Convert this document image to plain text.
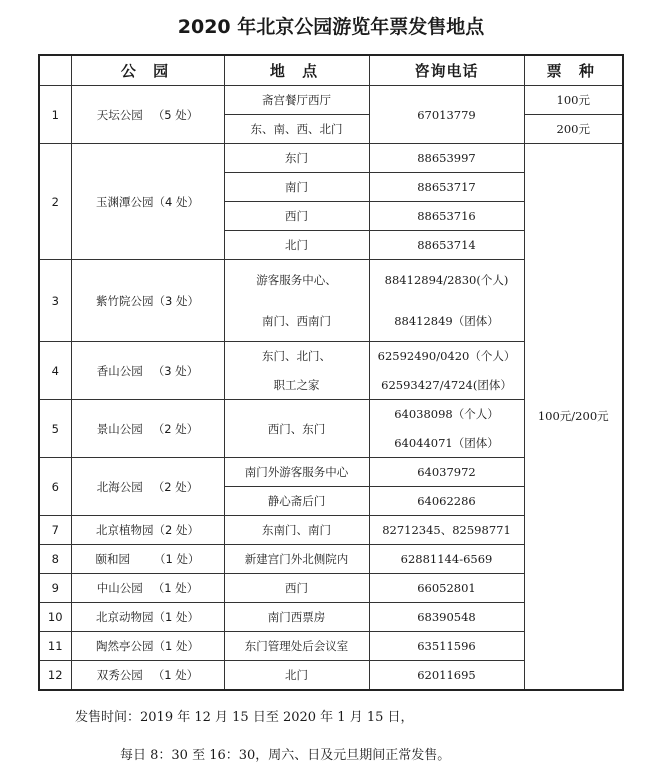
2020 年北京公园游览年票发售地点
	公 园	地 点	咨询电话	票 种
1	天坛公园 （5 处）	斋宫餐厅西厅	67013779	100元
		东、南、西、北门		200元
2	玉渊潭公园（4 处）	东门	88653997	100元/200元
		南门	88653717	
		西门	88653716	
		北门	88653714	
3	紫竹院公园（3 处）	游客服务中心、	88412894/2830(个人)	
		南门、西南门	88412849（团体）	
4	香山公园 （3 处）	东门、北门、	62592490/0420（个人）	
		职工之家	62593427/4724(团体）	
5	景山公园 （2 处）	西门、东门	64038098（个人）	
			64044071（团体）	
6	北海公园 （2 处）	南门外游客服务中心	64037972	
		静心斋后门	64062286	
7	北京植物园（2 处）	东南门、南门	82712345、82598771	
8	颐和园 （1 处）	新建宫门外北侧院内	62881144-6569	
9	中山公园 （1 处）	西门	66052801	
10	北京动物园（1 处）	南门西票房	68390548	
11	陶然亭公园（1 处）	东门管理处后会议室	63511596	
12	双秀公园 （1 处）	北门	62011695	
发售时间：2019 年 12 月 15 日至 2020 年 1 月 15 日，
每日 8：30 至 16：30，周六、日及元旦期间正常发售。
